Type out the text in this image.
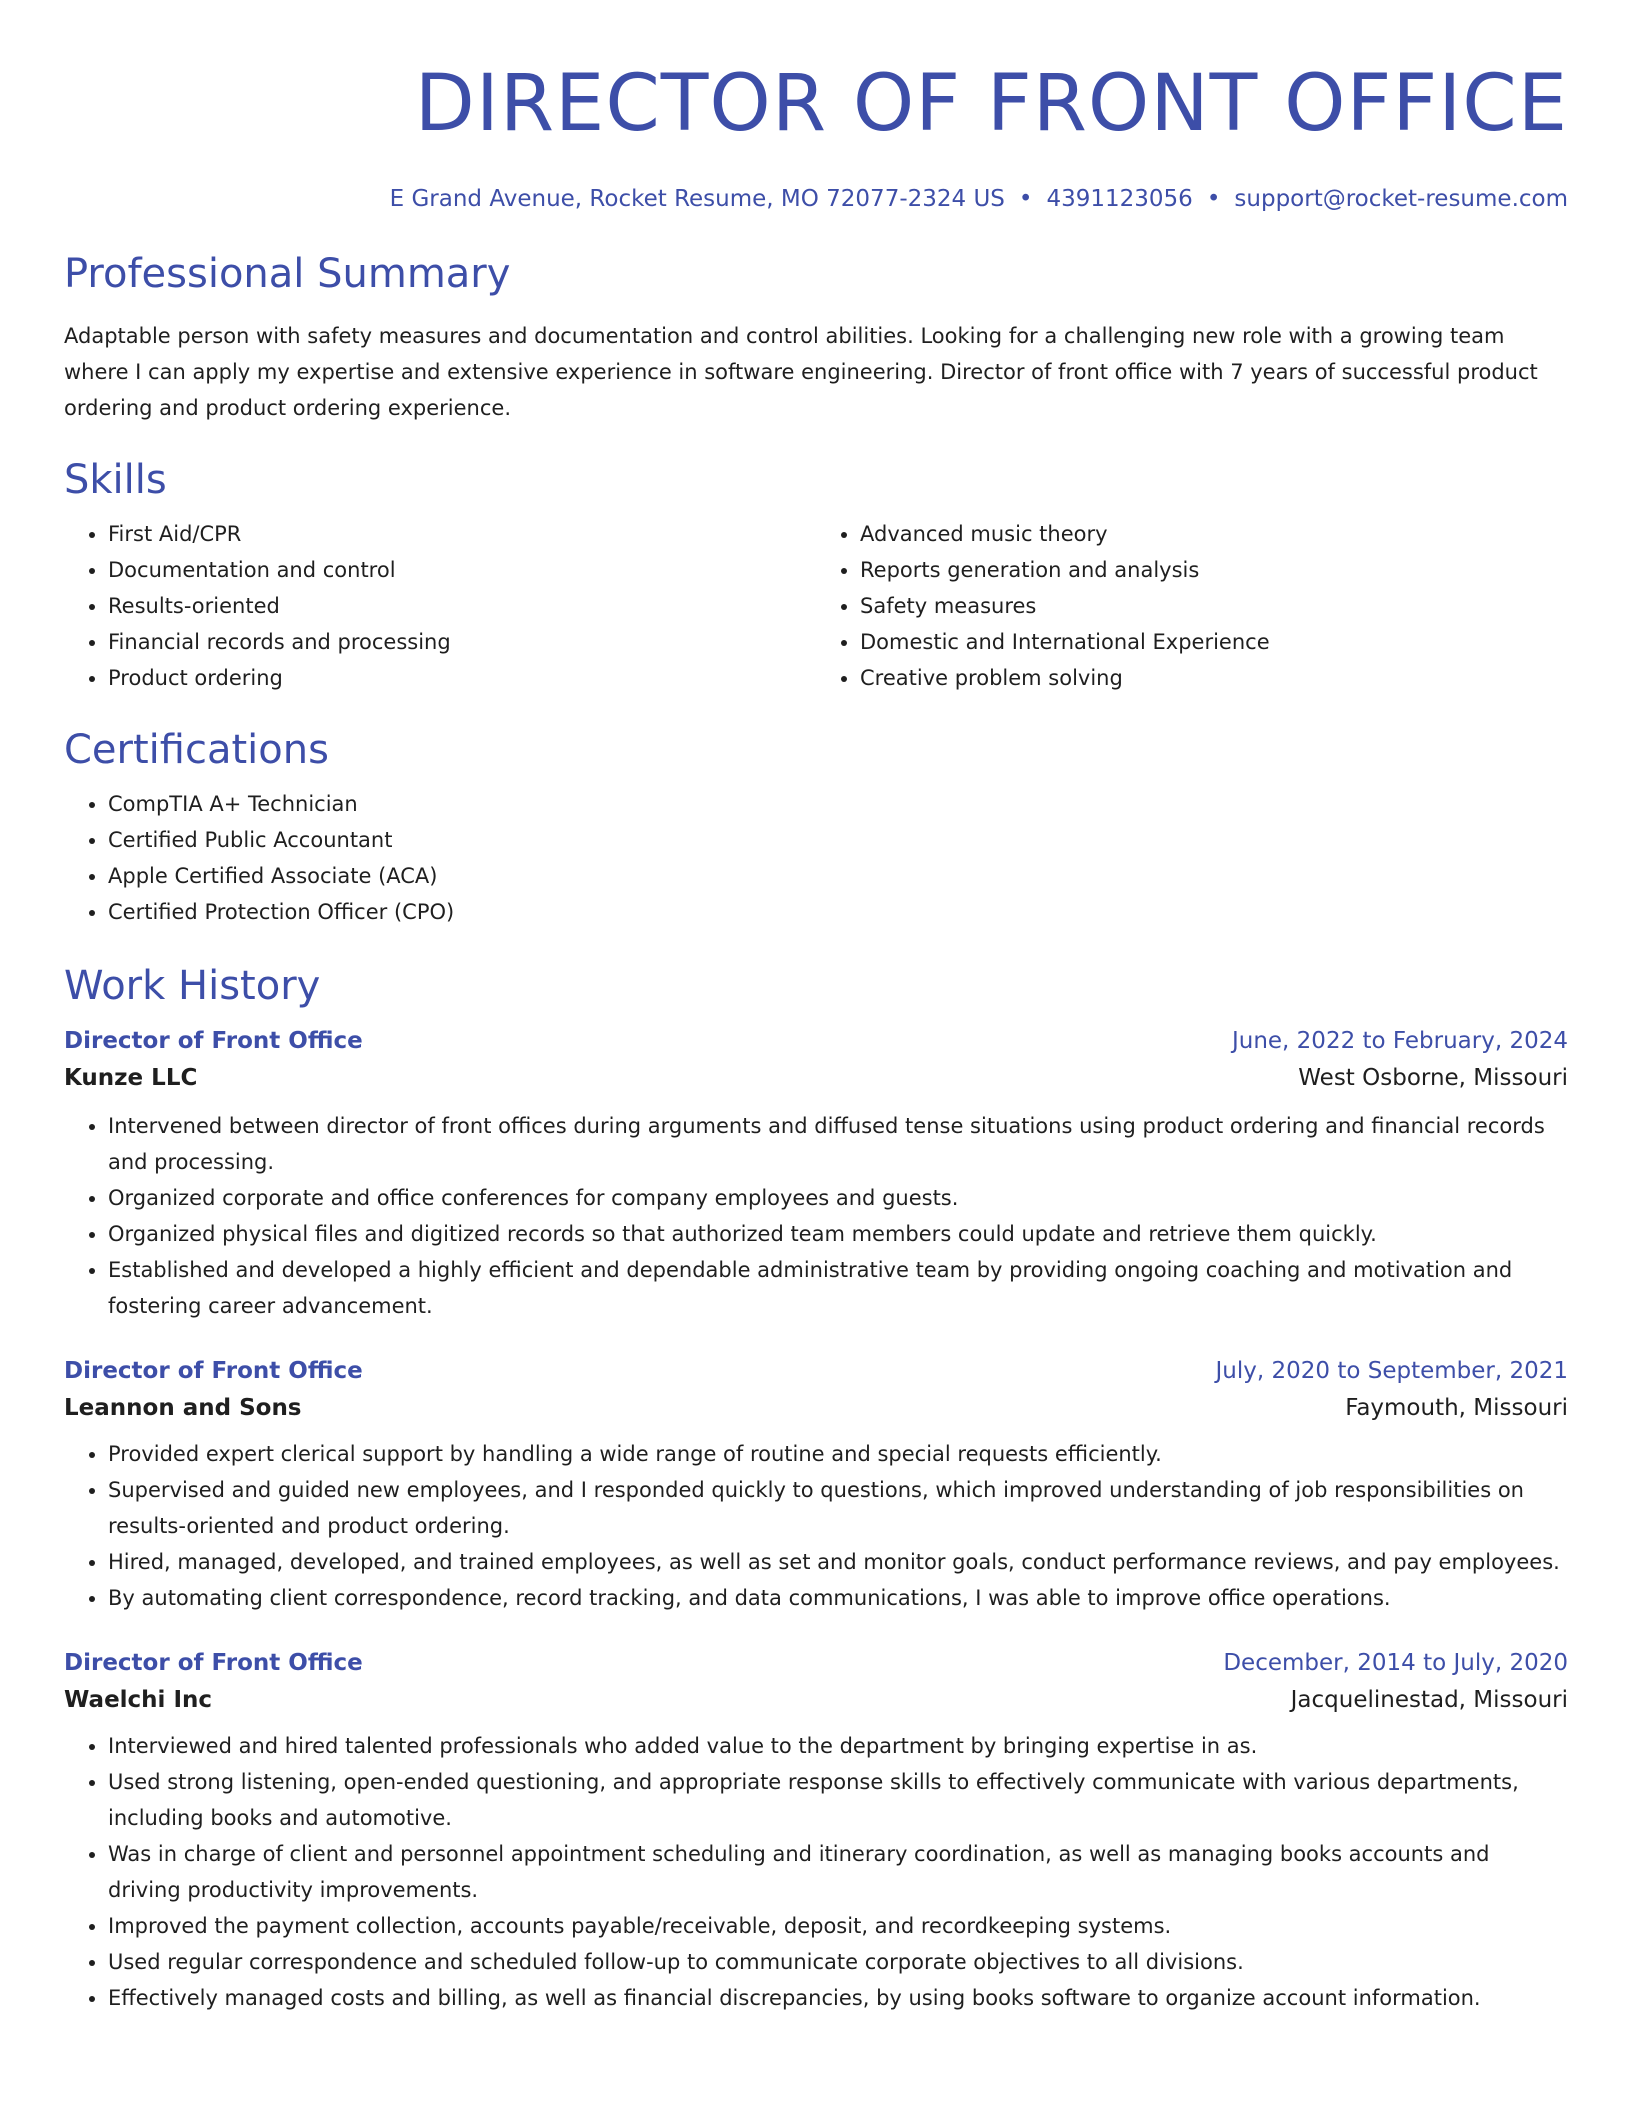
DIRECTOR OF FRONT OFFICE
E Grand Avenue, Rocket Resume, MO 72077-2324 US • 4391123056 • support@rocket-resume.com
Professional Summary
Adaptable person with safety measures and documentation and control abilities. Looking for a challenging new role with a growing team where I can apply my expertise and extensive experience in software engineering. Director of front office with 7 years of successful product ordering and product ordering experience.
Skills
• First Aid/CPR
• Documentation and control
• Results-oriented
• Financial records and processing
• Product ordering
• Advanced music theory
• Reports generation and analysis
• Safety measures
• Domestic and International Experience
• Creative problem solving
Certifications
• CompTIA A+ Technician
• Certified Public Accountant
• Apple Certified Associate (ACA)
• Certified Protection Officer (CPO)
Work History
Director of Front Office	June, 2022 to February, 2024
Kunze LLC	West Osborne, Missouri
• Intervened between director of front offices during arguments and diffused tense situations using product ordering and financial records and processing.
• Organized corporate and office conferences for company employees and guests.
• Organized physical files and digitized records so that authorized team members could update and retrieve them quickly.
• Established and developed a highly efficient and dependable administrative team by providing ongoing coaching and motivation and fostering career advancement.
Director of Front Office	July, 2020 to September, 2021
Leannon and Sons	Faymouth, Missouri
• Provided expert clerical support by handling a wide range of routine and special requests efficiently.
• Supervised and guided new employees, and I responded quickly to questions, which improved understanding of job responsibilities on results-oriented and product ordering.
• Hired, managed, developed, and trained employees, as well as set and monitor goals, conduct performance reviews, and pay employees.
• By automating client correspondence, record tracking, and data communications, I was able to improve office operations.
Director of Front Office	December, 2014 to July, 2020
Waelchi Inc	Jacquelinestad, Missouri
• Interviewed and hired talented professionals who added value to the department by bringing expertise in as.
• Used strong listening, open-ended questioning, and appropriate response skills to effectively communicate with various departments, including books and automotive.
• Was in charge of client and personnel appointment scheduling and itinerary coordination, as well as managing books accounts and driving productivity improvements.
• Improved the payment collection, accounts payable/receivable, deposit, and recordkeeping systems.
• Used regular correspondence and scheduled follow-up to communicate corporate objectives to all divisions.
• Effectively managed costs and billing, as well as financial discrepancies, by using books software to organize account information.
